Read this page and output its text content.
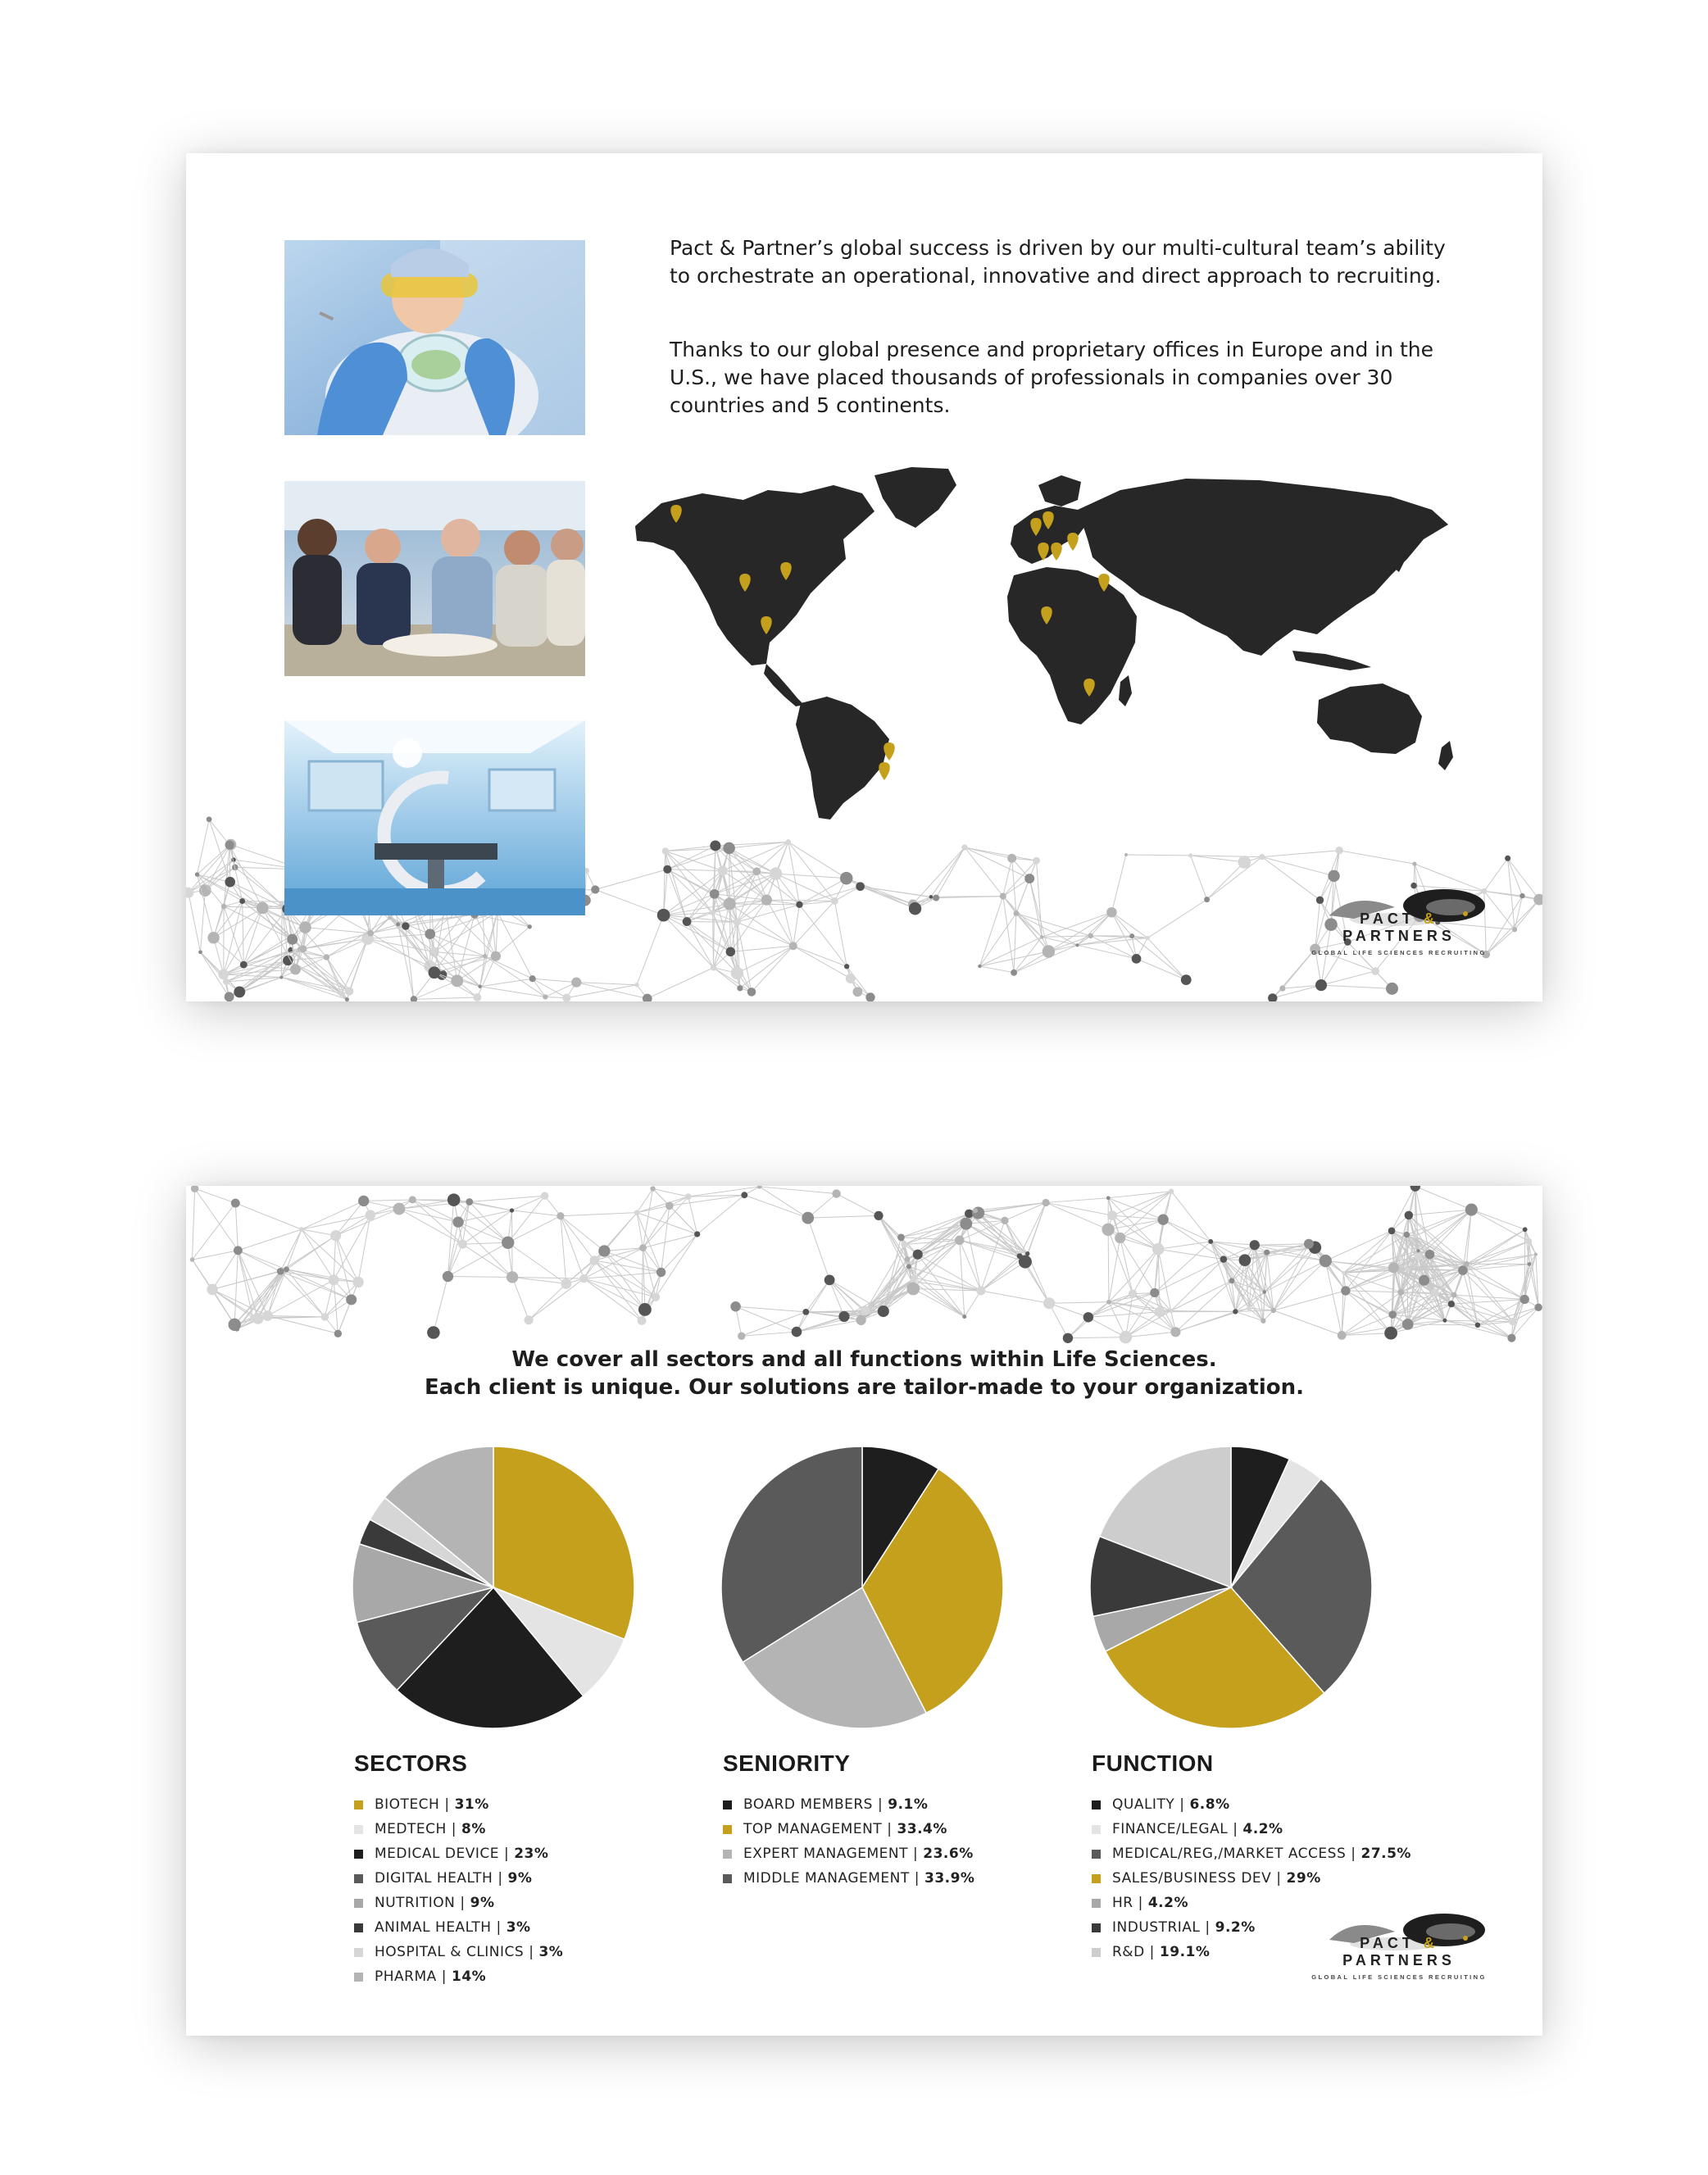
Pact & Partner’s global success is driven by our multi-cultural team’s ability to orchestrate an operational, innovative and direct approach to recruiting.

Thanks to our global presence and proprietary offices in Europe and in the U.S., we have placed thousands of professionals in companies over 30 countries and 5 continents.

PACT & PARTNERS
GLOBAL LIFE SCIENCES RECRUITING

We cover all sectors and all functions within Life Sciences.

Each client is unique. Our solutions are tailor-made to your organization.

SECTORS	SENIORITY	FUNCTION
BIOTECH | 31%
MEDTECH | 8%
MEDICAL DEVICE | 23%
DIGITAL HEALTH | 9%
NUTRITION | 9%
ANIMAL HEALTH | 3%
HOSPITAL & CLINICS | 3%
PHARMA | 14%
BOARD MEMBERS | 9.1%
TOP MANAGEMENT | 33.4%
EXPERT MANAGEMENT | 23.6%
MIDDLE MANAGEMENT | 33.9%
QUALITY | 6.8%
FINANCE/LEGAL | 4.2%
MEDICAL/REG,/MARKET ACCESS | 27.5%
SALES/BUSINESS DEV | 29%
HR | 4.2%
INDUSTRIAL | 9.2%
R&D | 19.1%
PACT & PARTNERS
GLOBAL LIFE SCIENCES RECRUITING
